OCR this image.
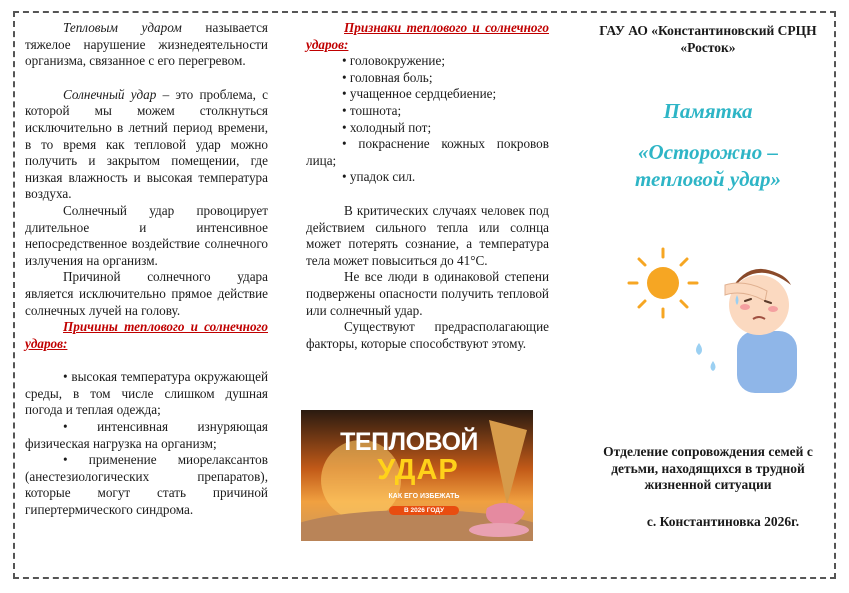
Тепловым ударом называется тяжелое нарушение жизнедеятельности организма, связанное с его перегревом.

Солнечный удар – это проблема, с которой мы можем столкнуться исключительно в летний период времени, в то время как тепловой удар можно получить и закрытом помещении, где низкая влажность и высокая температура воздуха.

Солнечный удар провоцирует длительное и интенсивное непосредственное воздействие солнечного излучения на организм.

Причиной солнечного удара является исключительно прямое действие солнечных лучей на голову.

Причины теплового и солнечного ударов:

• высокая температура окружающей среды, в том числе слишком душная погода и теплая одежда;
• интенсивная изнуряющая физическая нагрузка на организм;
• применение миорелаксантов (анестезиологических препаратов), которые могут стать причиной гипертермического синдрома.

Признаки теплового и солнечного ударов:

• головокружение;
• головная боль;
• учащенное сердцебиение;
• тошнота;
• холодный пот;
• покраснение кожных покровов лица;
• упадок сил.

В критических случаях человек под действием сильного тепла или солнца может потерять сознание, а температура тела может повыситься до 41°С.

Не все люди в одинаковой степени подвержены опасности получить тепловой или солнечный удар.

Существуют предрасполагающие факторы, которые способствуют этому.

ТЕПЛОВОЙ
УДАР
КАК ЕГО ИЗБЕЖАТЬ
В 2026 ГОДУ

ГАУ АО «Константиновский СРЦН «Росток»

Памятка

«Осторожно – тепловой удар»

Отделение сопровождения семей с детьми, находящихся в трудной жизненной ситуации

с. Константиновка 2026г.
